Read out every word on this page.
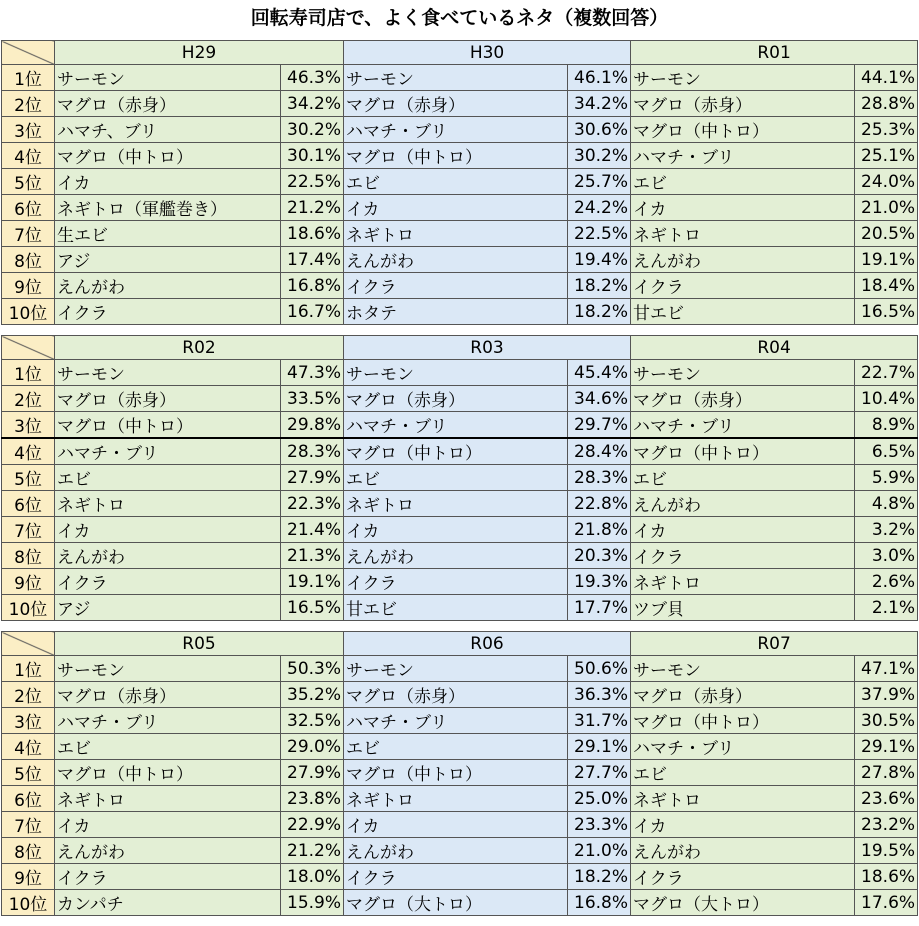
回転寿司店で、よく食べているネタ（複数回答）
	H29		H30		R01	
1位	サーモン	46.3%	サーモン	46.1%	サーモン	44.1%
2位	マグロ（赤身）	34.2%	マグロ（赤身）	34.2%	マグロ（赤身）	28.8%
3位	ハマチ、ブリ	30.2%	ハマチ・ブリ	30.6%	マグロ（中トロ）	25.3%
4位	マグロ（中トロ）	30.1%	マグロ（中トロ）	30.2%	ハマチ・ブリ	25.1%
5位	イカ	22.5%	エビ	25.7%	エビ	24.0%
6位	ネギトロ（軍艦巻き）	21.2%	イカ	24.2%	イカ	21.0%
7位	生エビ	18.6%	ネギトロ	22.5%	ネギトロ	20.5%
8位	アジ	17.4%	えんがわ	19.4%	えんがわ	19.1%
9位	えんがわ	16.8%	イクラ	18.2%	イクラ	18.4%
10位	イクラ	16.7%	ホタテ	18.2%	甘エビ	16.5%
	R02		R03		R04	
1位	サーモン	47.3%	サーモン	45.4%	サーモン	22.7%
2位	マグロ（赤身）	33.5%	マグロ（赤身）	34.6%	マグロ（赤身）	10.4%
3位	マグロ（中トロ）	29.8%	ハマチ・ブリ	29.7%	ハマチ・ブリ	8.9%
4位	ハマチ・ブリ	28.3%	マグロ（中トロ）	28.4%	マグロ（中トロ）	6.5%
5位	エビ	27.9%	エビ	28.3%	エビ	5.9%
6位	ネギトロ	22.3%	ネギトロ	22.8%	えんがわ	4.8%
7位	イカ	21.4%	イカ	21.8%	イカ	3.2%
8位	えんがわ	21.3%	えんがわ	20.3%	イクラ	3.0%
9位	イクラ	19.1%	イクラ	19.3%	ネギトロ	2.6%
10位	アジ	16.5%	甘エビ	17.7%	ツブ貝	2.1%
	R05		R06		R07	
1位	サーモン	50.3%	サーモン	50.6%	サーモン	47.1%
2位	マグロ（赤身）	35.2%	マグロ（赤身）	36.3%	マグロ（赤身）	37.9%
3位	ハマチ・ブリ	32.5%	ハマチ・ブリ	31.7%	マグロ（中トロ）	30.5%
4位	エビ	29.0%	エビ	29.1%	ハマチ・ブリ	29.1%
5位	マグロ（中トロ）	27.9%	マグロ（中トロ）	27.7%	エビ	27.8%
6位	ネギトロ	23.8%	ネギトロ	25.0%	ネギトロ	23.6%
7位	イカ	22.9%	イカ	23.3%	イカ	23.2%
8位	えんがわ	21.2%	えんがわ	21.0%	えんがわ	19.5%
9位	イクラ	18.0%	イクラ	18.2%	イクラ	18.6%
10位	カンパチ	15.9%	マグロ（大トロ）	16.8%	マグロ（大トロ）	17.6%
